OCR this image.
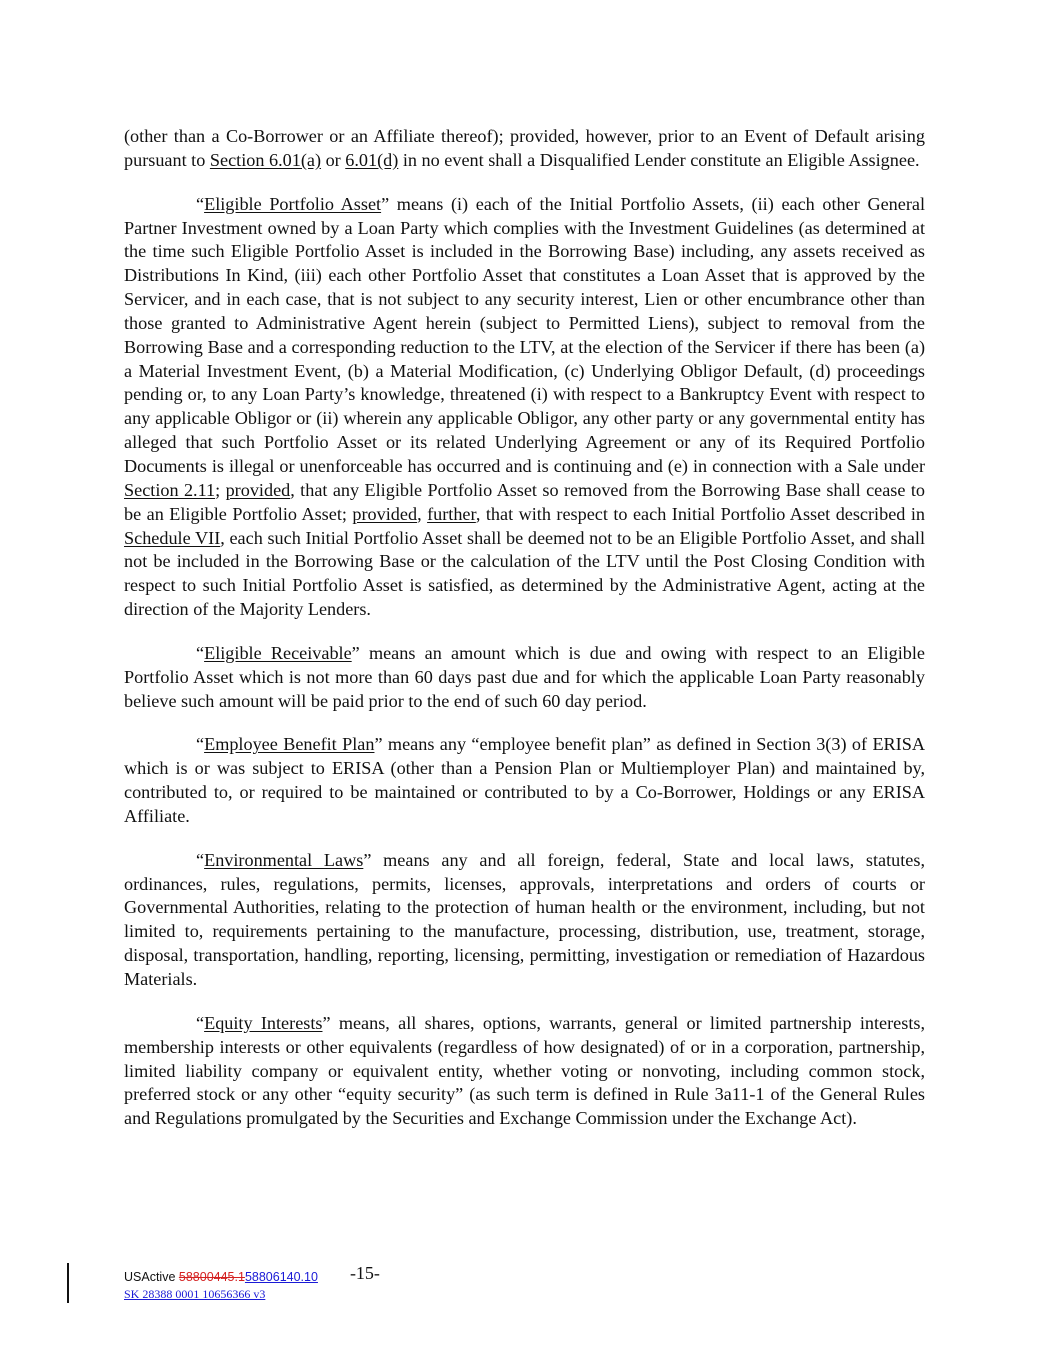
(other than a Co-Borrower or an Affiliate thereof); provided, however, prior to an Event of Default arising pursuant to Section 6.01(a) or 6.01(d) in no event shall a Disqualified Lender constitute an Eligible Assignee.

“Eligible Portfolio Asset” means (i) each of the Initial Portfolio Assets, (ii) each other General Partner Investment owned by a Loan Party which complies with the Investment Guidelines (as determined at the time such Eligible Portfolio Asset is included in the Borrowing Base) including, any assets received as Distributions In Kind, (iii) each other Portfolio Asset that constitutes a Loan Asset that is approved by the Servicer, and in each case, that is not subject to any security interest, Lien or other encumbrance other than those granted to Administrative Agent herein (subject to Permitted Liens), subject to removal from the Borrowing Base and a corresponding reduction to the LTV, at the election of the Servicer if there has been (a) a Material Investment Event, (b) a Material Modification, (c) Underlying Obligor Default, (d) proceedings pending or, to any Loan Party’s knowledge, threatened (i) with respect to a Bankruptcy Event with respect to any applicable Obligor or (ii) wherein any applicable Obligor, any other party or any governmental entity has alleged that such Portfolio Asset or its related Underlying Agreement or any of its Required Portfolio Documents is illegal or unenforceable has occurred and is continuing and (e) in connection with a Sale under Section 2.11; provided, that any Eligible Portfolio Asset so removed from the Borrowing Base shall cease to be an Eligible Portfolio Asset; provided, further, that with respect to each Initial Portfolio Asset described in Schedule VII, each such Initial Portfolio Asset shall be deemed not to be an Eligible Portfolio Asset, and shall not be included in the Borrowing Base or the calculation of the LTV until the Post Closing Condition with respect to such Initial Portfolio Asset is satisfied, as determined by the Administrative Agent, acting at the direction of the Majority Lenders.

“Eligible Receivable” means an amount which is due and owing with respect to an Eligible Portfolio Asset which is not more than 60 days past due and for which the applicable Loan Party reasonably believe such amount will be paid prior to the end of such 60 day period.

“Employee Benefit Plan” means any “employee benefit plan” as defined in Section 3(3) of ERISA which is or was subject to ERISA (other than a Pension Plan or Multiemployer Plan) and maintained by, contributed to, or required to be maintained or contributed to by a Co-Borrower, Holdings or any ERISA Affiliate.

“Environmental Laws” means any and all foreign, federal, State and local laws, statutes, ordinances, rules, regulations, permits, licenses, approvals, interpretations and orders of courts or Governmental Authorities, relating to the protection of human health or the environment, including, but not limited to, requirements pertaining to the manufacture, processing, distribution, use, treatment, storage, disposal, transportation, handling, reporting, licensing, permitting, investigation or remediation of Hazardous Materials.

“Equity Interests” means, all shares, options, warrants, general or limited partnership interests, membership interests or other equivalents (regardless of how designated) of or in a corporation, partnership, limited liability company or equivalent entity, whether voting or nonvoting, including common stock, preferred stock or any other “equity security” (as such term is defined in Rule 3a11-1 of the General Rules and Regulations promulgated by the Securities and Exchange Commission under the Exchange Act).

USActive 58800445.158806140.10 -15-
SK 28388 0001 10656366 v3
